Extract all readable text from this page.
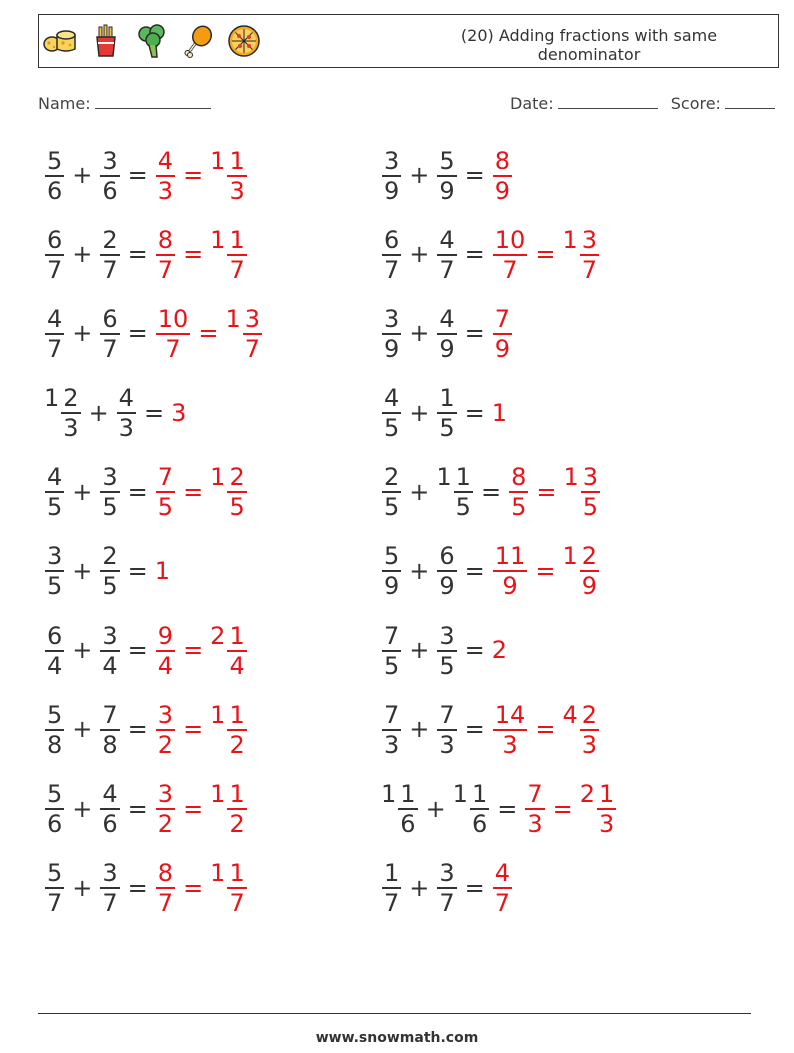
(20) Adding fractions with same denominator
Name:	Date:	Score:
$\frac{5}{6} + \frac{3}{6} = \frac{4}{3}$ =
$1 \frac{1}{3}$
$\frac{6}{7} + \frac{2}{7} = \frac{8}{7}$ =
$1 \frac{1}{7}$
$\frac{4}{7} + \frac{6}{7} = \frac{10}{7}$ =
$1 \frac{3}{7}$
$1 \frac{2}{3} + \frac{4}{3} = 3$
$\frac{4}{5} + \frac{3}{5} = \frac{7}{5}$ =
$1 \frac{2}{5}$
$\frac{3}{5} + \frac{2}{5} = 1$
$\frac{6}{4} + \frac{3}{4} = \frac{9}{4}$ =
$2 \frac{1}{4}$
$\frac{5}{8} + \frac{7}{8} = \frac{3}{2}$ =
$1 \frac{1}{2}$
$\frac{5}{6} + \frac{4}{6} = \frac{3}{2}$ =
$1 \frac{1}{2}$
$\frac{5}{7} + \frac{3}{7} = \frac{8}{7}$ =
$1 \frac{1}{7}$
$\frac{3}{9} + \frac{5}{9} = \frac{8}{9}$
$\frac{6}{7} + \frac{4}{7} = \frac{10}{7}$ =
$1 \frac{3}{7}$
$\frac{3}{9} + \frac{4}{9} = \frac{7}{9}$
$\frac{4}{5} + \frac{1}{5} = 1$
$\frac{2}{5}$ +
$1 \frac{1}{5} = \frac{8}{5}$ =
$1 \frac{3}{5}$
$\frac{5}{9} + \frac{6}{9} = \frac{11}{9}$ =
$1 \frac{2}{9}$
$\frac{7}{5} + \frac{3}{5} = 2$
$\frac{7}{3} + \frac{7}{3} = \frac{14}{3}$ =
$4 \frac{2}{3}$
$1 \frac{1}{6}$ +
$1 \frac{1}{6} = \frac{7}{3}$ =
$2 \frac{1}{3}$
$\frac{1}{7} + \frac{3}{7} = \frac{4}{7}$
www.snowmath.com
